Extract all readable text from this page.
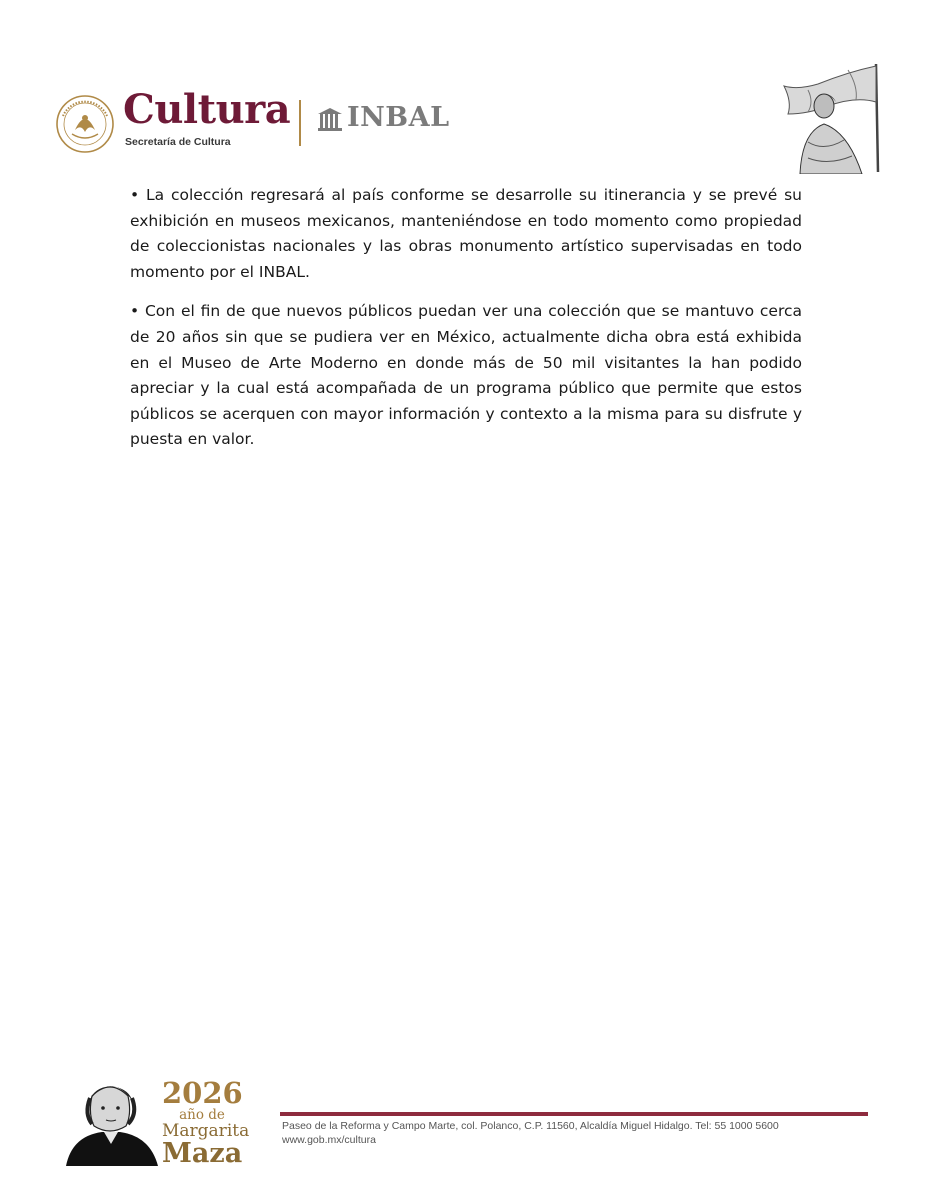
Cultura
Secretaría de Cultura
INBAL

• La colección regresará al país conforme se desarrolle su itinerancia y se prevé su exhibición en museos mexicanos, manteniéndose en todo momento como propiedad de coleccionistas nacionales y las obras monumento artístico supervisadas en todo momento por el INBAL.

• Con el fin de que nuevos públicos puedan ver una colección que se mantuvo cerca de 20 años sin que se pudiera ver en México, actualmente dicha obra está exhibida en el Museo de Arte Moderno en donde más de 50 mil visitantes la han podido apreciar y la cual está acompañada de un programa público que permite que estos públicos se acerquen con mayor información y contexto a la misma para su disfrute y puesta en valor.

2026
año de
Margarita
Maza
Paseo de la Reforma y Campo Marte, col. Polanco, C.P. 11560, Alcaldía Miguel Hidalgo. Tel: 55 1000 5600
www.gob.mx/cultura
